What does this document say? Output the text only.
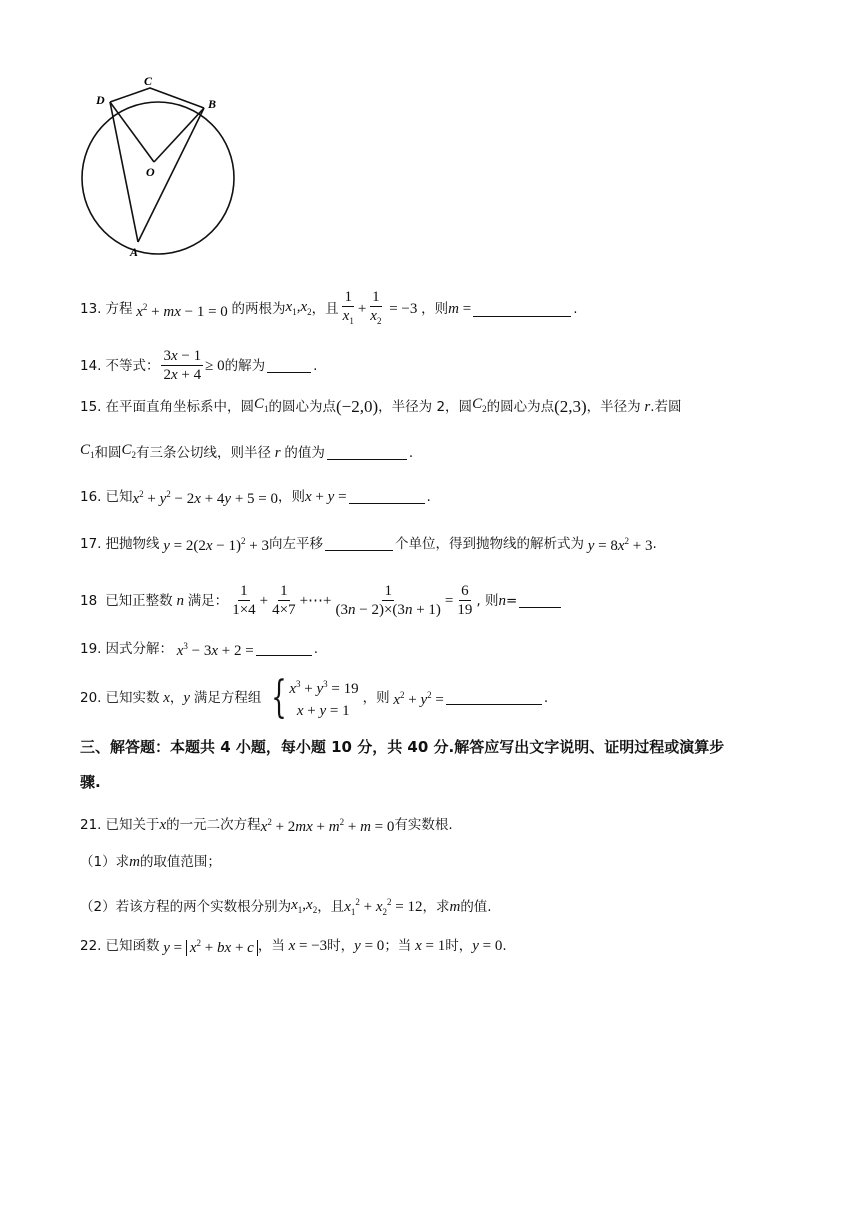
C
D	B
O
A
13. 方程 $x^2$ + mx − 1 = 0 的两根为 $x_1,x_2$ ，且 $\frac{1}{x_1} + \frac{1}{x_2} = -3$ ，则 m =	.
14. 不等式： $\frac{3x - 1}{2x + 4} \ge 0$ 的解为	.
15. 在平面直角坐标系中，圆 $C_1$ 的圆心为点 (−2,0) ，半径为 2，圆 $C_2$ 的圆心为点 (2,3) ，半径为 r .若圆
$C_1$ 和圆 $C_2$ 有三条公切线，则半径 r 的值为	.
16. 已知 $x^2 + y^2 - 2x + 4y + 5 = 0$ ，则 x + y =	.
17. 把抛物线 $y = 2(2x - 1)^2 + 3$ 向左平移	个单位，得到抛物线的解析式为 $y = 8x^2 + 3$ .
18 已知正整数 n 满足： $\frac{1}{1\times 4} + \frac{1}{4\times 7}$ +⋯+ $\frac{1}{(3n - 2)\times(3n + 1)} = \frac{6}{19}$ , 则 n =
19. 因式分解： $x^3 - 3x + 2$ =	.
20. 已知实数 x ， y 满足方程组 { $x^3 + y^3 = 19$
x + y = 1
，则 $x^2 + y^2$ =	.
三、解答题：本题共 4 小题，每小题 10 分，共 40 分.解答应写出文字说明、证明过程或演算步
骤.
21. 已知关于 x 的一元二次方程 $x^2 + 2mx + m^2 + m = 0$ 有实数根.
（1）求 m 的取值范围；
（2）若该方程的两个实数根分别为 $x_1,x_2$ ，且 $x_1^2 + x_2^2 = 12$ ，求 m 的值.
22. 已知函数 $y = x^2$ + bx + c ，当 x = −3 时， y = 0 ；当 x = 1 时， y = 0 .
